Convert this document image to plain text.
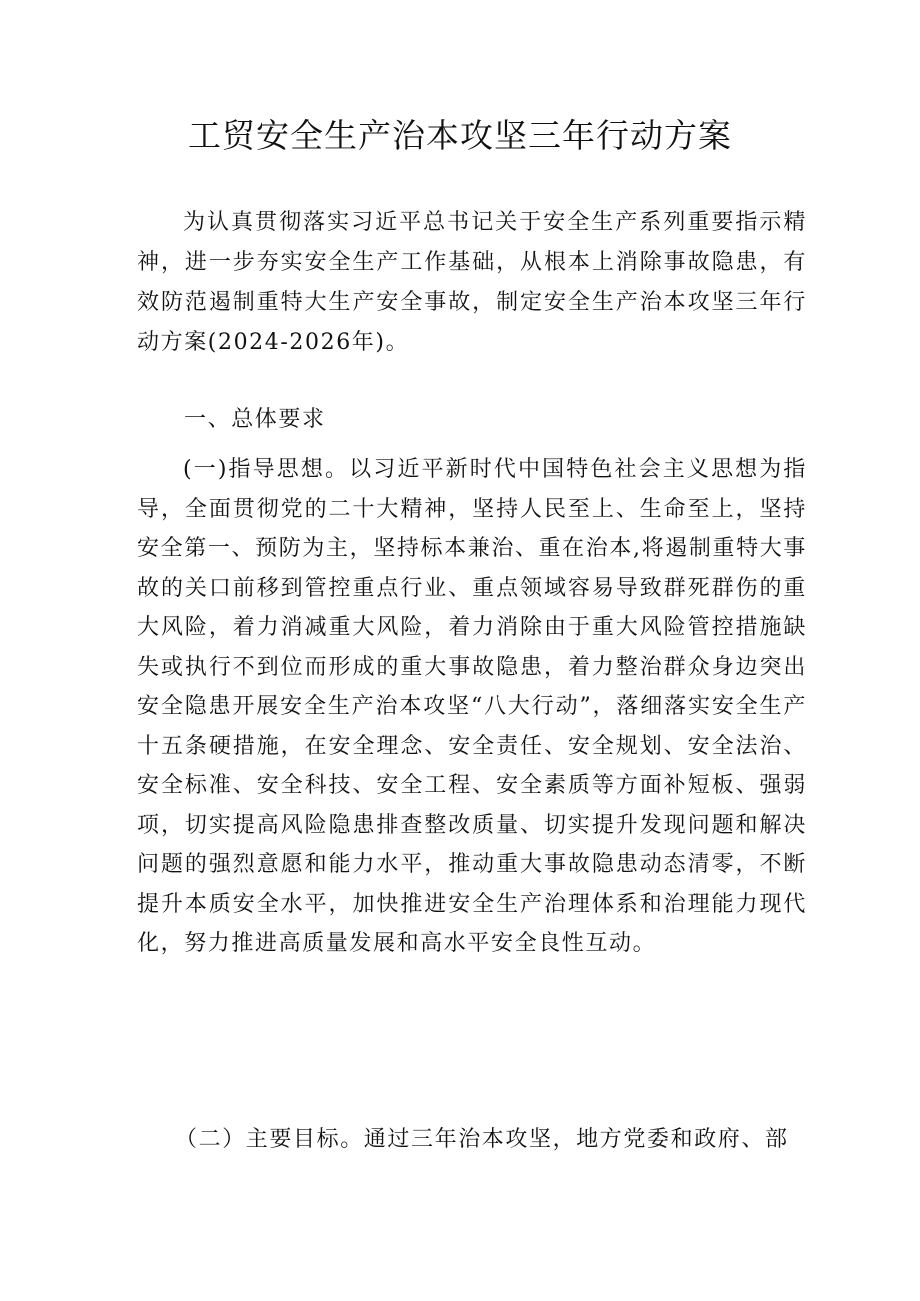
工贸安全生产治本攻坚三年行动方案

为认真贯彻落实习近平总书记关于安全生产系列重要指示精神，进一步夯实安全生产工作基础，从根本上消除事故隐患，有效防范遏制重特大生产安全事故，制定安全生产治本攻坚三年行动方案(2024-2026年)。

一、总体要求

(一)指导思想。以习近平新时代中国特色社会主义思想为指导，全面贯彻党的二十大精神，坚持人民至上、生命至上，坚持安全第一、预防为主，坚持标本兼治、重在治本,将遏制重特大事故的关口前移到管控重点行业、重点领域容易导致群死群伤的重大风险，着力消减重大风险，着力消除由于重大风险管控措施缺失或执行不到位而形成的重大事故隐患，着力整治群众身边突出安全隐患开展安全生产治本攻坚“八大行动”，落细落实安全生产十五条硬措施，在安全理念、安全责任、安全规划、安全法治、安全标准、安全科技、安全工程、安全素质等方面补短板、强弱项，切实提高风险隐患排查整改质量、切实提升发现问题和解决问题的强烈意愿和能力水平，推动重大事故隐患动态清零，不断提升本质安全水平，加快推进安全生产治理体系和治理能力现代化，努力推进高质量发展和高水平安全良性互动。

（二）主要目标。通过三年治本攻坚，地方党委和政府、部
